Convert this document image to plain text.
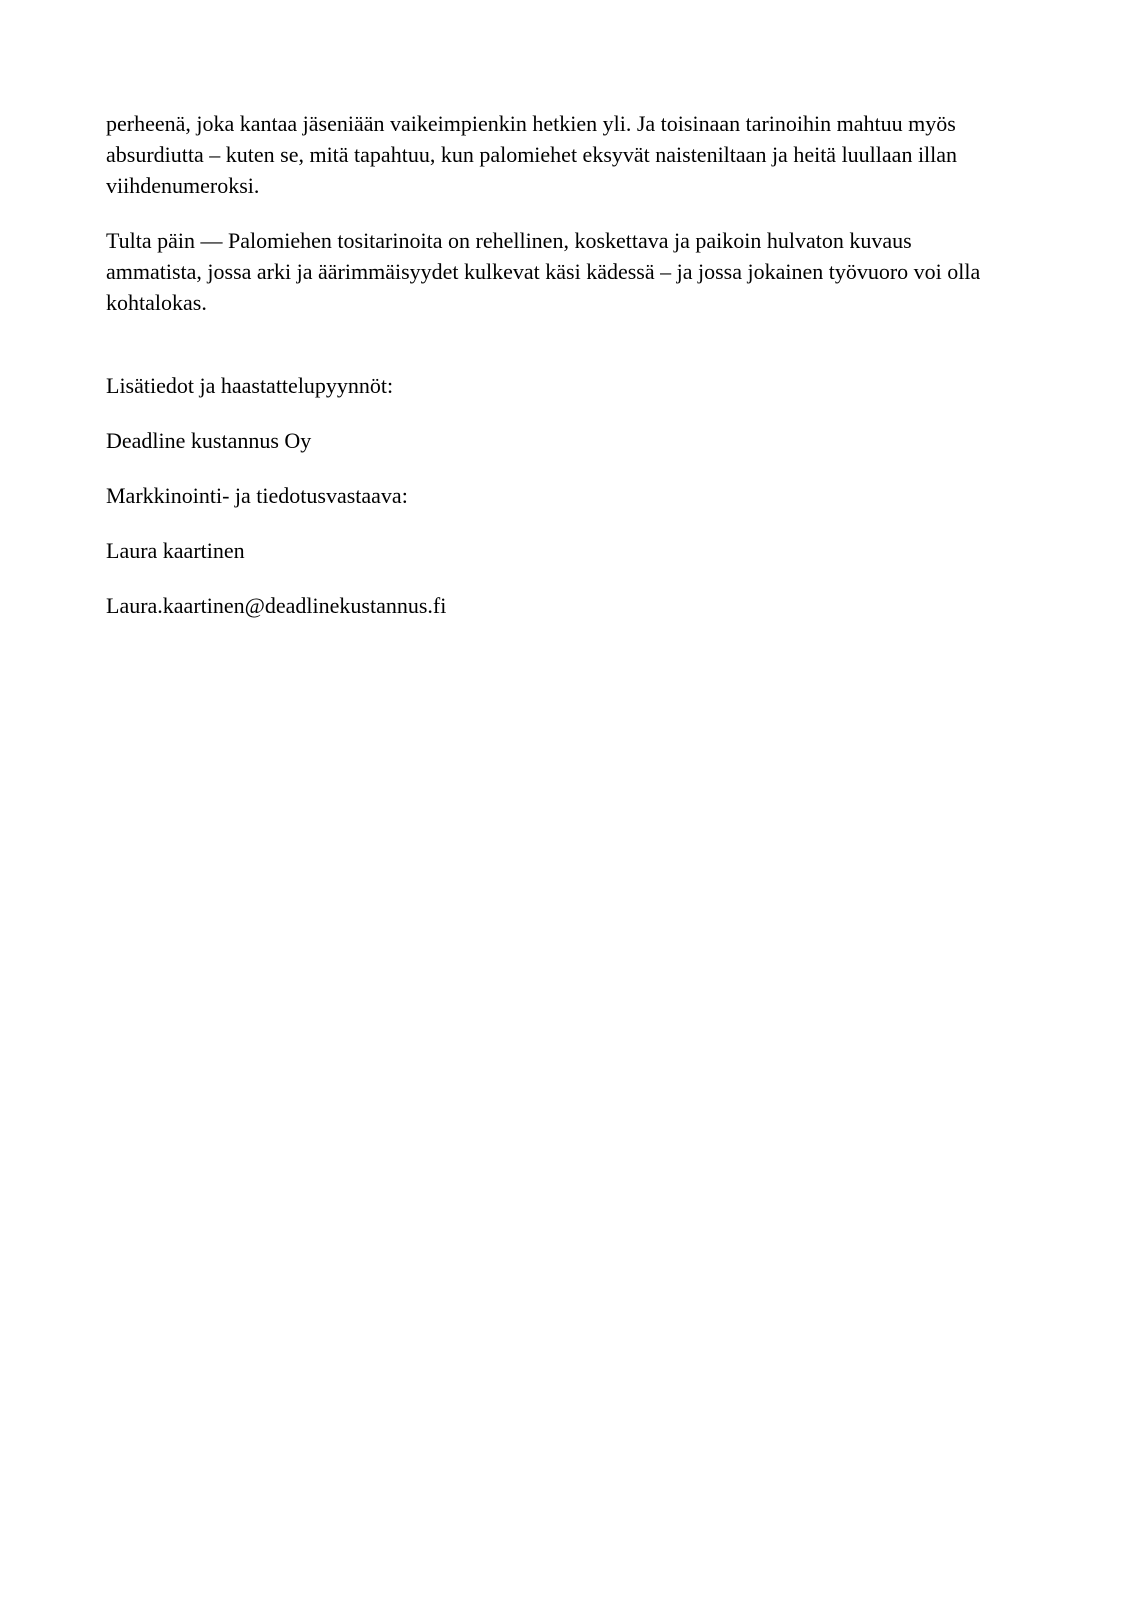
perheenä, joka kantaa jäseniään vaikeimpienkin hetkien yli. Ja toisinaan tarinoihin mahtuu myös absurdiutta – kuten se, mitä tapahtuu, kun palomiehet eksyvät naisteniltaan ja heitä luullaan illan viihdenumeroksi.

Tulta päin — Palomiehen tositarinoita on rehellinen, koskettava ja paikoin hulvaton kuvaus ammatista, jossa arki ja äärimmäisyydet kulkevat käsi kädessä – ja jossa jokainen työvuoro voi olla kohtalokas.

Lisätiedot ja haastattelupyynnöt:

Deadline kustannus Oy

Markkinointi- ja tiedotusvastaava:

Laura kaartinen

Laura.kaartinen@deadlinekustannus.fi
